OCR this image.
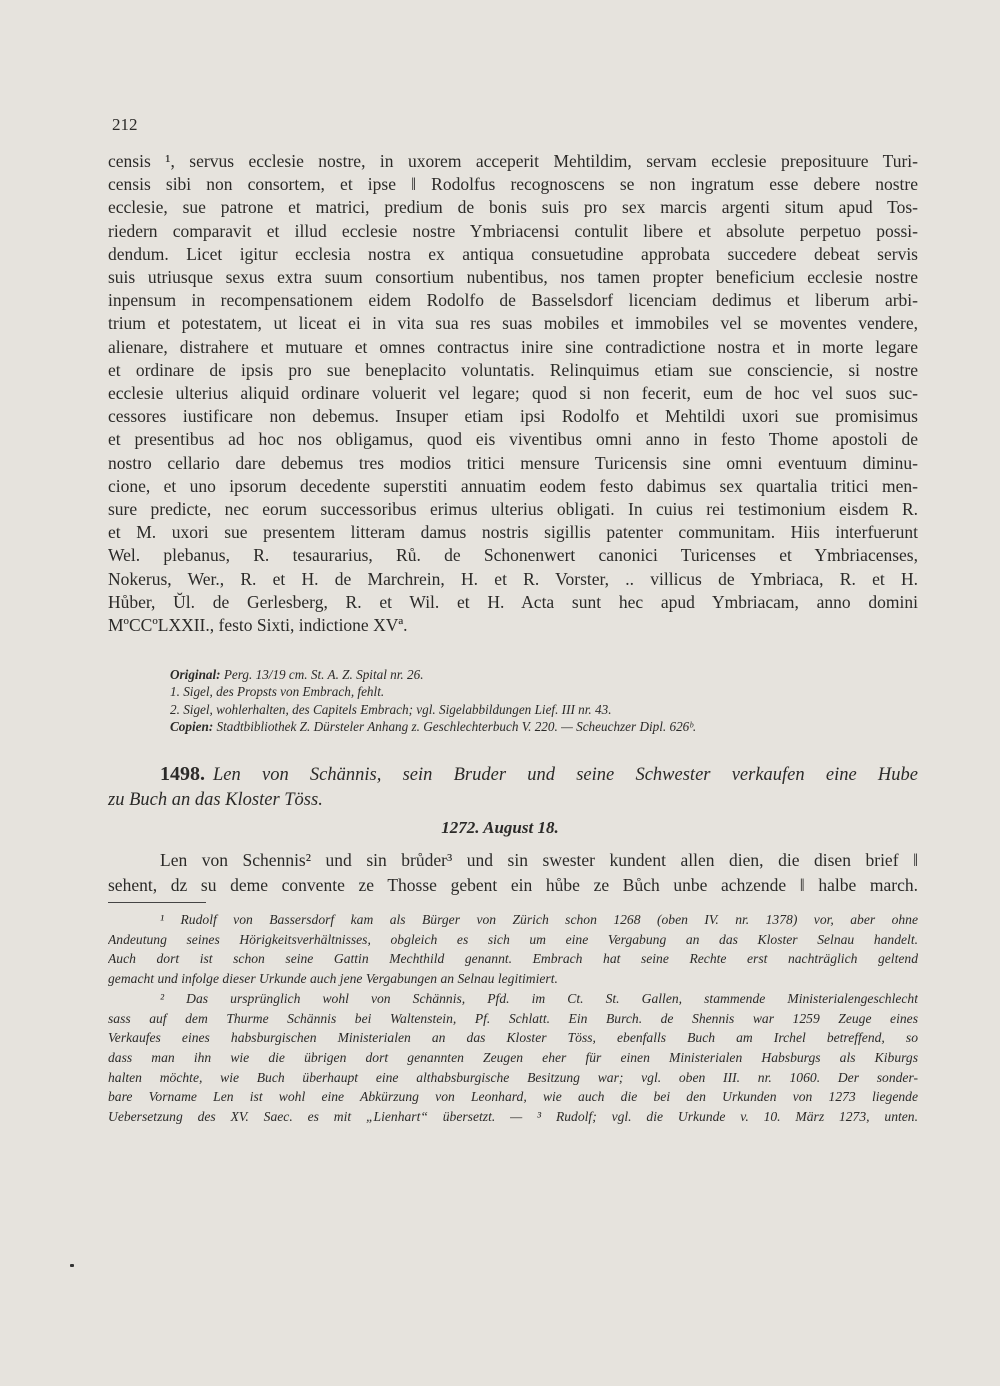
212
censis ¹, servus ecclesie nostre, in uxorem acceperit Mehtildim, servam ecclesie preposituure Turi-
censis sibi non consortem, et ipse ‖ Rodolfus recognoscens se non ingratum esse debere nostre
ecclesie, sue patrone et matrici, predium de bonis suis pro sex marcis argenti situm apud Tos-
riedern comparavit et illud ecclesie nostre Ymbriacensi contulit libere et absolute perpetuo possi-
dendum. Licet igitur ecclesia nostra ex antiqua consuetudine approbata succedere debeat servis
suis utriusque sexus extra suum consortium nubentibus, nos tamen propter beneficium ecclesie nostre
inpensum in recompensationem eidem Rodolfo de Basselsdorf licenciam dedimus et liberum arbi-
trium et potestatem, ut liceat ei in vita sua res suas mobiles et immobiles vel se moventes vendere,
alienare, distrahere et mutuare et omnes contractus inire sine contradictione nostra et in morte legare
et ordinare de ipsis pro sue beneplacito voluntatis. Relinquimus etiam sue consciencie, si nostre
ecclesie ulterius aliquid ordinare voluerit vel legare; quod si non fecerit, eum de hoc vel suos suc-
cessores iustificare non debemus. Insuper etiam ipsi Rodolfo et Mehtildi uxori sue promisimus
et presentibus ad hoc nos obligamus, quod eis viventibus omni anno in festo Thome apostoli de
nostro cellario dare debemus tres modios tritici mensure Turicensis sine omni eventuum diminu-
cione, et uno ipsorum decedente superstiti annuatim eodem festo dabimus sex quartalia tritici men-
sure predicte, nec eorum successoribus erimus ulterius obligati. In cuius rei testimonium eisdem R.
et M. uxori sue presentem litteram damus nostris sigillis patenter communitam. Hiis interfuerunt
Wel. plebanus, R. tesaurarius, Rů. de Schonenwert canonici Turicenses et Ymbriacenses,
Nokerus, Wer., R. et H. de Marchrein, H. et R. Vorster, .. villicus de Ymbriaca, R. et H.
Hůber, Ŭl. de Gerlesberg, R. et Wil. et H. Acta sunt hec apud Ymbriacam, anno domini
MºCCºLXXII., festo Sixti, indictione XVª.
Original: Perg. 13/19 cm. St. A. Z. Spital nr. 26.
1. Sigel, des Propsts von Embrach, fehlt.
2. Sigel, wohlerhalten, des Capitels Embrach; vgl. Sigelabbildungen Lief. III nr. 43.
Copien: Stadtbibliothek Z. Dürsteler Anhang z. Geschlechterbuch V. 220. — Scheuchzer Dipl. 626ᵇ.
1498. Len von Schännis, sein Bruder und seine Schwester verkaufen eine Hube
zu Buch an das Kloster Töss.
1272. August 18.
Len von Schennis² und sin brůder³ und sin swester kundent allen dien, die disen brief ‖
sehent, dz su deme convente ze Thosse gebent ein hůbe ze Bůch unbe achzende ‖ halbe march.
¹ Rudolf von Bassersdorf kam als Bürger von Zürich schon 1268 (oben IV. nr. 1378) vor, aber ohne
Andeutung seines Hörigkeitsverhältnisses, obgleich es sich um eine Vergabung an das Kloster Selnau handelt.
Auch dort ist schon seine Gattin Mechthild genannt. Embrach hat seine Rechte erst nachträglich geltend
gemacht und infolge dieser Urkunde auch jene Vergabungen an Selnau legitimiert.
² Das ursprünglich wohl von Schännis, Pfd. im Ct. St. Gallen, stammende Ministerialengeschlecht
sass auf dem Thurme Schännis bei Waltenstein, Pf. Schlatt. Ein Burch. de Shennis war 1259 Zeuge eines
Verkaufes eines habsburgischen Ministerialen an das Kloster Töss, ebenfalls Buch am Irchel betreffend, so
dass man ihn wie die übrigen dort genannten Zeugen eher für einen Ministerialen Habsburgs als Kiburgs
halten möchte, wie Buch überhaupt eine althabsburgische Besitzung war; vgl. oben III. nr. 1060. Der sonder-
bare Vorname Len ist wohl eine Abkürzung von Leonhard, wie auch die bei den Urkunden von 1273 liegende
Uebersetzung des XV. Saec. es mit „Lienhart“ übersetzt. — ³ Rudolf; vgl. die Urkunde v. 10. März 1273, unten.
